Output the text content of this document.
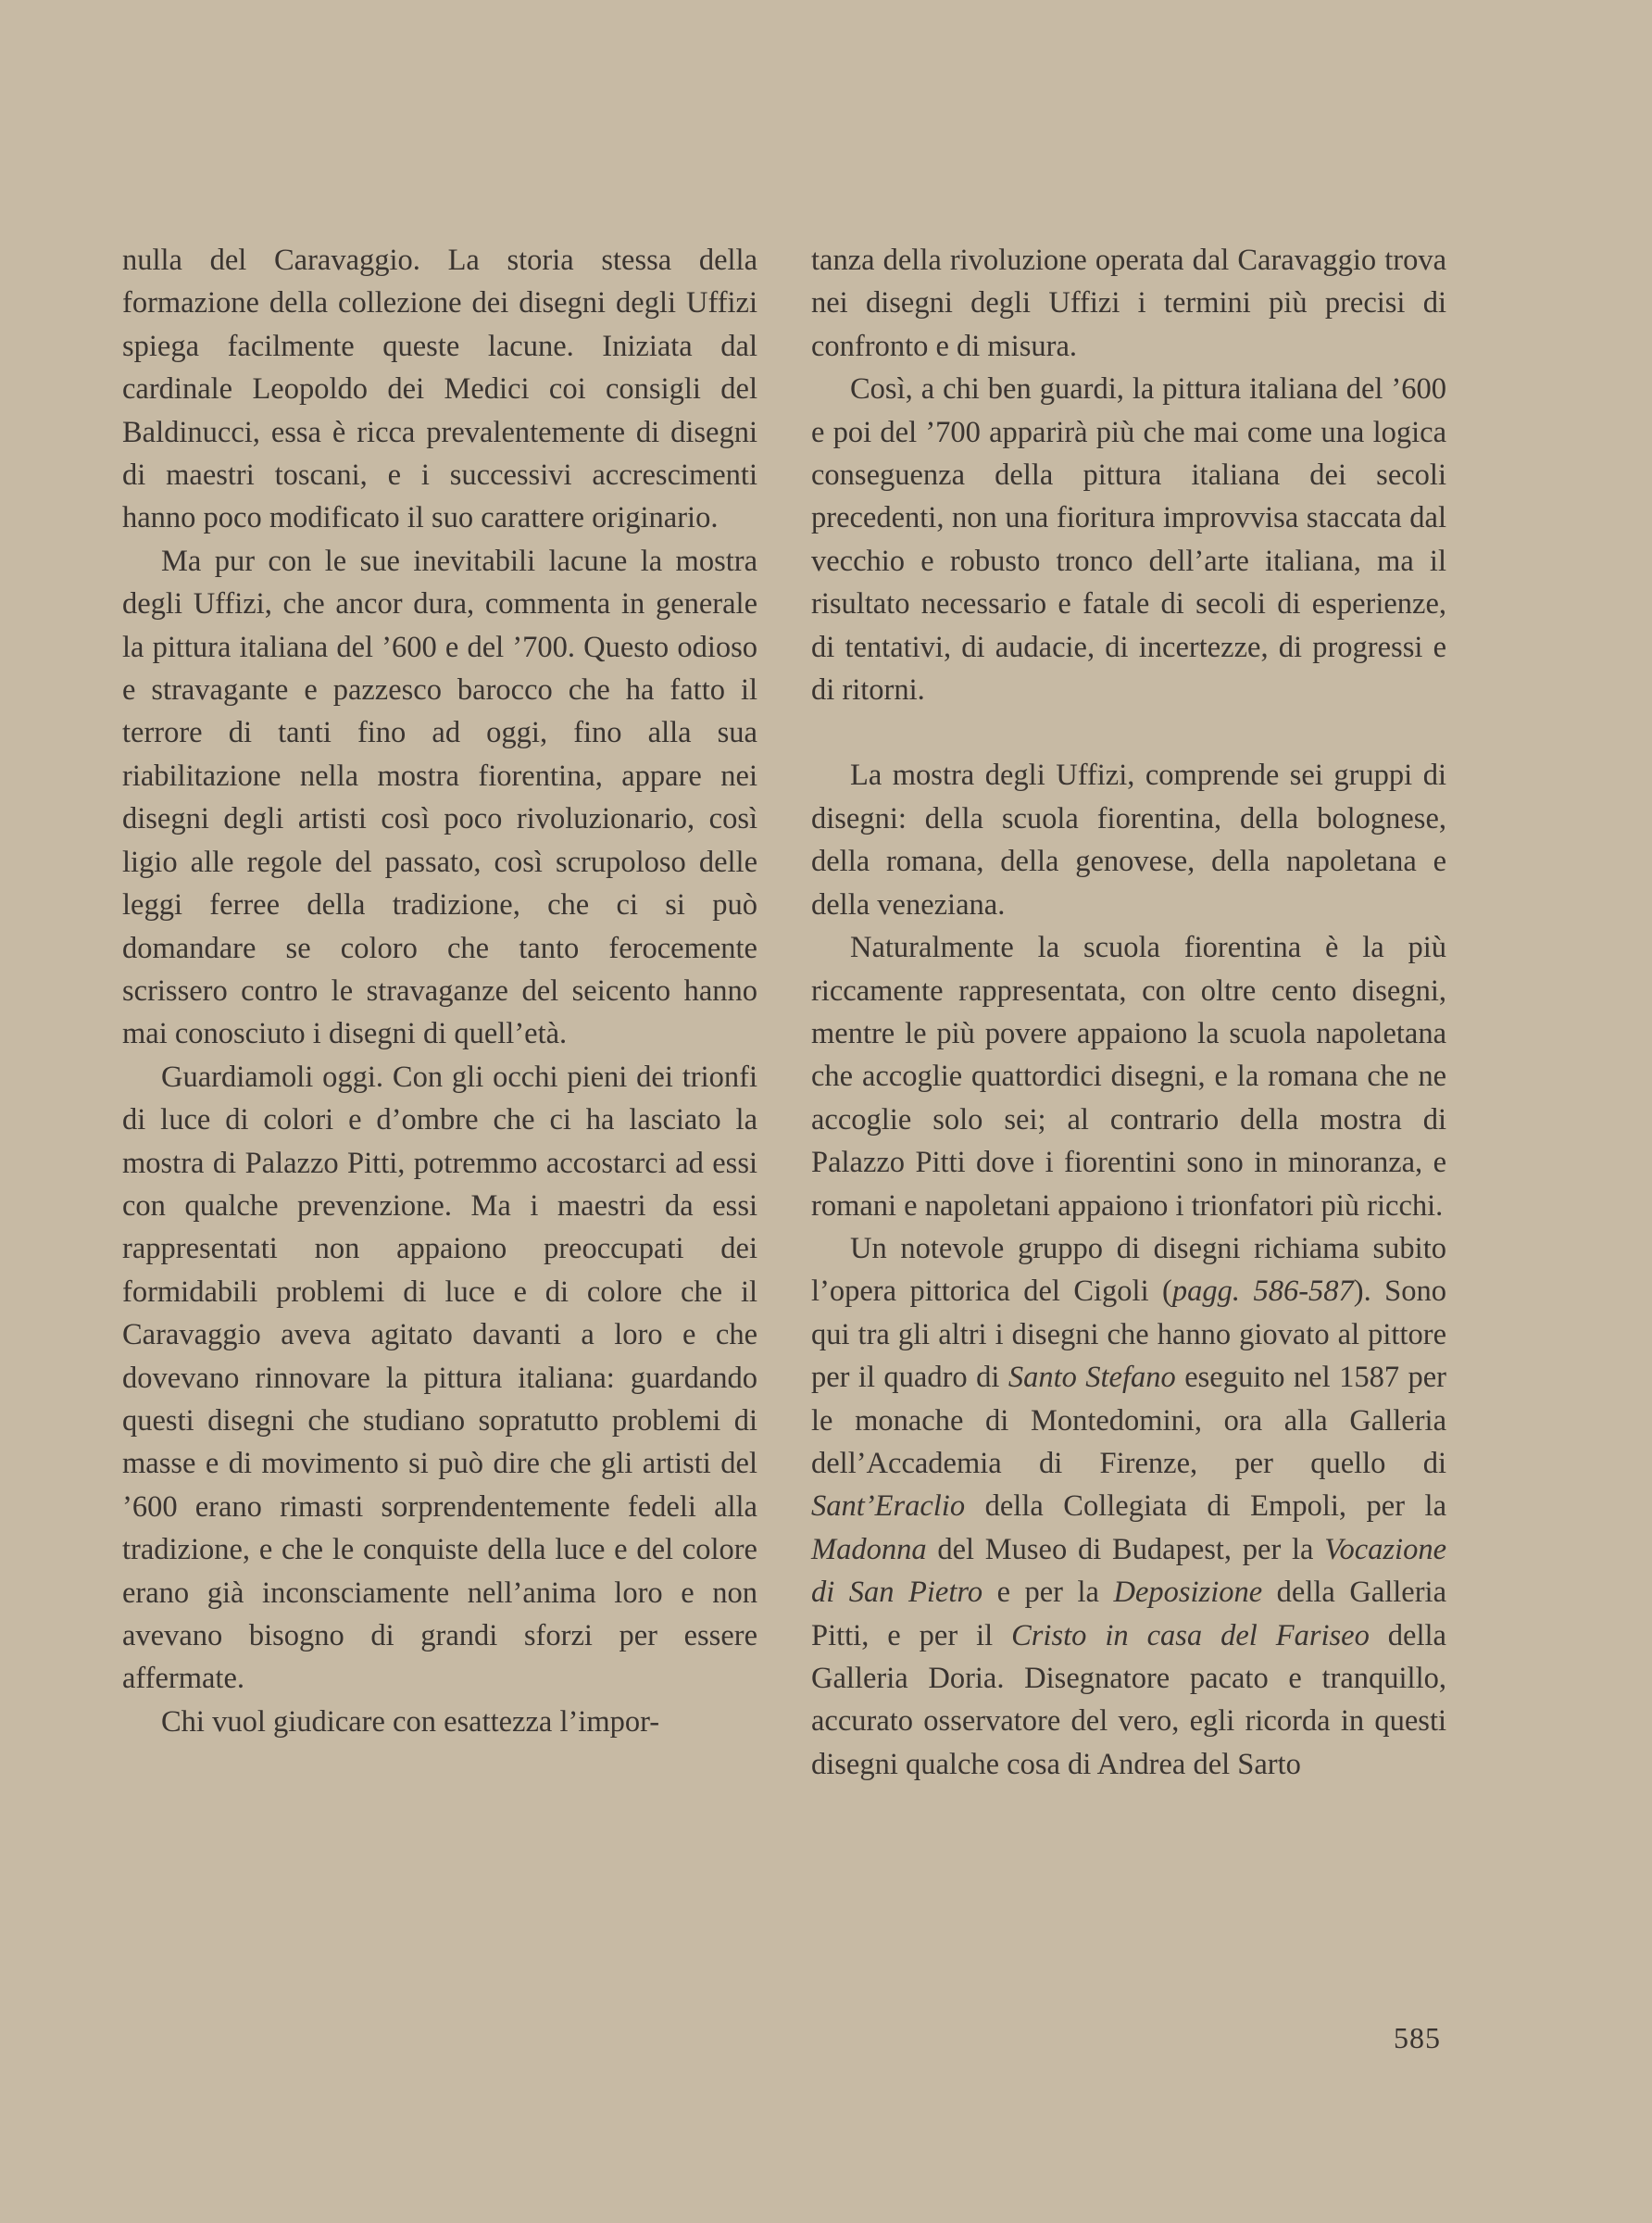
nulla del Caravaggio. La storia stessa della formazione della collezione dei disegni degli Uffizi spiega facilmente queste lacune. Iniziata dal cardinale Leopoldo dei Medici coi consigli del Baldinucci, essa è ricca prevalentemente di disegni di maestri toscani, e i successivi accrescimenti hanno poco modificato il suo carattere originario.

Ma pur con le sue inevitabili lacune la mostra degli Uffizi, che ancor dura, commenta in generale la pittura italiana del ’600 e del ’700. Questo odioso e stravagante e pazzesco barocco che ha fatto il terrore di tanti fino ad oggi, fino alla sua riabilitazione nella mostra fiorentina, appare nei disegni degli artisti così poco rivoluzionario, così ligio alle regole del passato, così scrupoloso delle leggi ferree della tradizione, che ci si può domandare se coloro che tanto ferocemente scrissero contro le stravaganze del seicento hanno mai conosciuto i disegni di quell’età.

Guardiamoli oggi. Con gli occhi pieni dei trionfi di luce di colori e d’ombre che ci ha lasciato la mostra di Palazzo Pitti, potremmo accostarci ad essi con qualche prevenzione. Ma i maestri da essi rappresentati non appaiono preoccupati dei formidabili problemi di luce e di colore che il Caravaggio aveva agitato davanti a loro e che dovevano rinnovare la pittura italiana: guardando questi disegni che studiano sopratutto problemi di masse e di movimento si può dire che gli artisti del ’600 erano rimasti sorprendentemente fedeli alla tradizione, e che le conquiste della luce e del colore erano già inconsciamente nell’anima loro e non avevano bisogno di grandi sforzi per essere affermate.

Chi vuol giudicare con esattezza l’impor-

tanza della rivoluzione operata dal Caravaggio trova nei disegni degli Uffizi i termini più precisi di confronto e di misura.

Così, a chi ben guardi, la pittura italiana del ’600 e poi del ’700 apparirà più che mai come una logica conseguenza della pittura italiana dei secoli precedenti, non una fioritura improvvisa staccata dal vecchio e robusto tronco dell’arte italiana, ma il risultato necessario e fatale di secoli di esperienze, di tentativi, di audacie, di incertezze, di progressi e di ritorni.

La mostra degli Uffizi, comprende sei gruppi di disegni: della scuola fiorentina, della bolognese, della romana, della genovese, della napoletana e della veneziana.

Naturalmente la scuola fiorentina è la più riccamente rappresentata, con oltre cento disegni, mentre le più povere appaiono la scuola napoletana che accoglie quattordici disegni, e la romana che ne accoglie solo sei; al contrario della mostra di Palazzo Pitti dove i fiorentini sono in minoranza, e romani e napoletani appaiono i trionfatori più ricchi.

Un notevole gruppo di disegni richiama subito l’opera pittorica del Cigoli (pagg. 586-587). Sono qui tra gli altri i disegni che hanno giovato al pittore per il quadro di Santo Stefano eseguito nel 1587 per le monache di Montedomini, ora alla Galleria dell’Accademia di Firenze, per quello di Sant’Eraclio della Collegiata di Empoli, per la Madonna del Museo di Budapest, per la Vocazione di San Pietro e per la Deposizione della Galleria Pitti, e per il Cristo in casa del Fariseo della Galleria Doria. Disegnatore pacato e tranquillo, accurato osservatore del vero, egli ricorda in questi disegni qualche cosa di Andrea del Sarto

585
